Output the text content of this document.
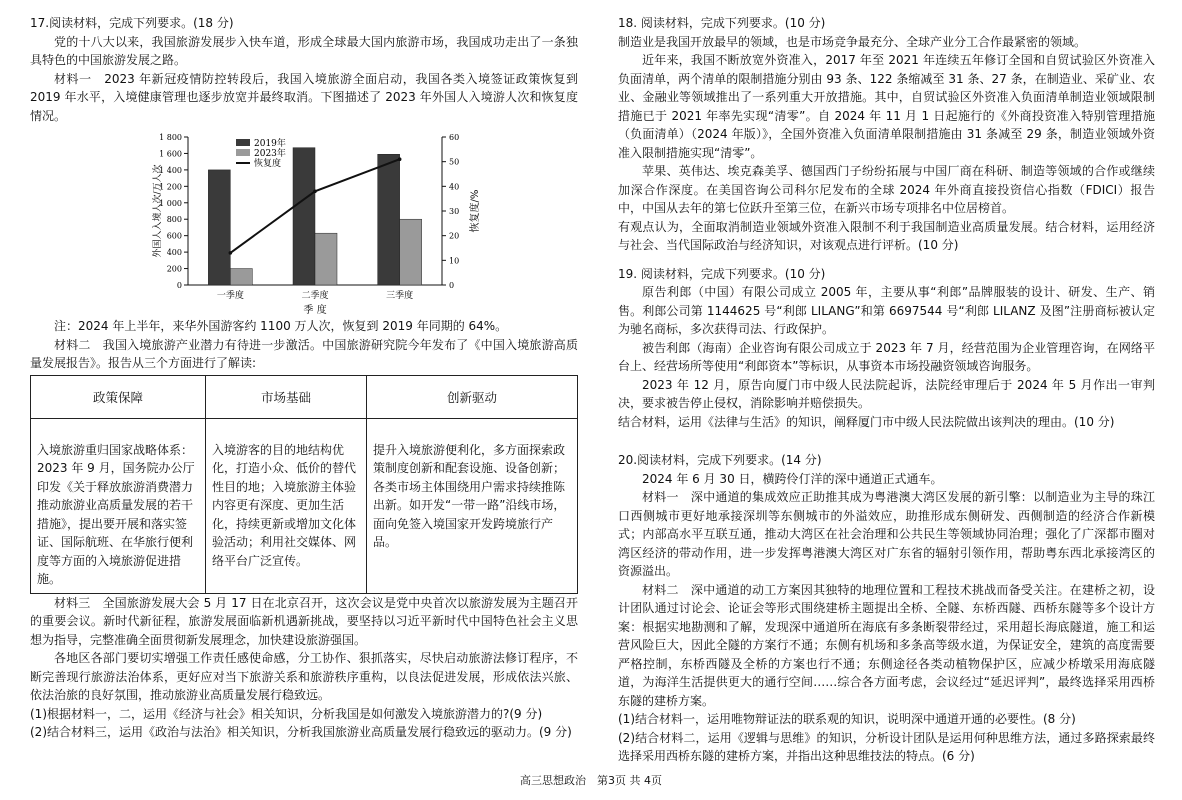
17.阅读材料，完成下列要求。(18 分)

党的十八大以来，我国旅游发展步入快车道，形成全球最大国内旅游市场，我国成功走出了一条独具特色的中国旅游发展之路。

材料一　2023 年新冠疫情防控转段后，我国入境旅游全面启动，我国各类入境签证政策恢复到 2019 年水平，入境健康管理也逐步放宽并最终取消。下图描述了 2023 年外国人入境游人次和恢复度情况。

0
200
400
600
800
1 000
1 200
1 400
1 600
1 800
0
10
20
30
40
50
60
一季度	二季度	三季度
外国人入境人次/万人次	恢复度/%
季 度
2019年
2023年
恢复度

注：2024 年上半年，来华外国游客约 1100 万人次，恢复到 2019 年同期的 64%。

材料二　我国入境旅游产业潜力有待进一步激活。中国旅游研究院今年发布了《中国入境旅游高质量发展报告》。报告从三个方面进行了解读:

政策保障	市场基础	创新驱动
入境旅游重归国家战略体系：2023 年 9 月，国务院办公厅印发《关于释放旅游消费潜力推动旅游业高质量发展的若干措施》，提出要开展和落实签证、国际航班、在华旅行便利度等方面的入境旅游促进措施。	入境游客的目的地结构优化，打造小众、低价的替代性目的地；入境旅游主体验内容更有深度、更加生活化，持续更新或增加文化体验活动；利用社交媒体、网络平台广泛宣传。	提升入境旅游便利化，多方面探索政策制度创新和配套设施、设备创新；各类市场主体围绕用户需求持续推陈出新。如开发“一带一路”沿线市场，面向免签入境国家开发跨境旅行产品。

材料三　全国旅游发展大会 5 月 17 日在北京召开，这次会议是党中央首次以旅游发展为主题召开的重要会议。新时代新征程，旅游发展面临新机遇新挑战，要坚持以习近平新时代中国特色社会主义思想为指导，完整准确全面贯彻新发展理念，加快建设旅游强国。

各地区各部门要切实增强工作责任感使命感，分工协作、狠抓落实，尽快启动旅游法修订程序，不断完善现行旅游法治体系，更好应对当下旅游关系和旅游秩序重构，以良法促进发展，形成依法兴旅、依法治旅的良好氛围，推动旅游业高质量发展行稳致远。

(1)根据材料一，二，运用《经济与社会》相关知识，分析我国是如何激发入境旅游潜力的?(9 分)

(2)结合材料三，运用《政治与法治》相关知识，分析我国旅游业高质量发展行稳致远的驱动力。(9 分)

18. 阅读材料，完成下列要求。(10 分)

制造业是我国开放最早的领域，也是市场竞争最充分、全球产业分工合作最紧密的领域。

近年来，我国不断放宽外资准入，2017 年至 2021 年连续五年修订全国和自贸试验区外资准入负面清单，两个清单的限制措施分别由 93 条、122 条缩减至 31 条、27 条，在制造业、采矿业、农业、金融业等领域推出了一系列重大开放措施。其中，自贸试验区外资准入负面清单制造业领域限制措施已于 2021 年率先实现“清零”。自 2024 年 11 月 1 日起施行的《外商投资准入特别管理措施（负面清单）（2024 年版）》，全国外资准入负面清单限制措施由 31 条减至 29 条，制造业领域外资准入限制措施实现“清零”。

苹果、英伟达、埃克森美孚、德国西门子纷纷拓展与中国厂商在科研、制造等领域的合作或继续加深合作深度。在美国咨询公司科尔尼发布的全球 2024 年外商直接投资信心指数（FDICI）报告中，中国从去年的第七位跃升至第三位，在新兴市场专项排名中位居榜首。

有观点认为，全面取消制造业领域外资准入限制不利于我国制造业高质量发展。结合材料，运用经济与社会、当代国际政治与经济知识，对该观点进行评析。(10 分)

19. 阅读材料，完成下列要求。(10 分)

原告利郎（中国）有限公司成立 2005 年，主要从事“利郎”品牌服装的设计、研发、生产、销售。利郎公司第 1144625 号“利郎 LILANG”和第 6697544 号“利郎 LILANZ 及图”注册商标被认定为驰名商标，多次获得司法、行政保护。

被告利郎（海南）企业咨询有限公司成立于 2023 年 7 月，经营范围为企业管理咨询，在网络平台上、经营场所等使用“利郎资本”等标识，从事资本市场投融资领域咨询服务。

2023 年 12 月，原告向厦门市中级人民法院起诉，法院经审理后于 2024 年 5 月作出一审判决，要求被告停止侵权，消除影响并赔偿损失。

结合材料，运用《法律与生活》的知识，阐释厦门市中级人民法院做出该判决的理由。(10 分)

20.阅读材料，完成下列要求。(14 分)

2024 年 6 月 30 日，横跨伶仃洋的深中通道正式通车。

材料一　深中通道的集成效应正助推其成为粤港澳大湾区发展的新引擎：以制造业为主导的珠江口西侧城市更好地承接深圳等东侧城市的外溢效应，助推形成东侧研发、西侧制造的经济合作新模式；内部高水平互联互通，推动大湾区在社会治理和公共民生等领域协同治理；强化了广深都市圈对湾区经济的带动作用，进一步发挥粤港澳大湾区对广东省的辐射引领作用，帮助粤东西北承接湾区的资源溢出。

材料二　深中通道的动工方案因其独特的地理位置和工程技术挑战而备受关注。在建桥之初，设计团队通过讨论会、论证会等形式围绕建桥主题提出全桥、全隧、东桥西隧、西桥东隧等多个设计方案：根据实地勘测和了解，发现深中通道所在海底有多条断裂带经过，采用超长海底隧道，施工和运营风险巨大，因此全隧的方案行不通；东侧有机场和多条高等级水道，为保证安全，建筑的高度需要严格控制，东桥西隧及全桥的方案也行不通；东侧途径各类动植物保护区，应减少桥墩采用海底隧道，为海洋生活提供更大的通行空间……综合各方面考虑，会议经过“延迟评判”，最终选择采用西桥东隧的建桥方案。

(1)结合材料一，运用唯物辩证法的联系观的知识，说明深中通道开通的必要性。(8 分)

(2)结合材料二，运用《逻辑与思维》的知识，分析设计团队是运用何种思维方法，通过多路探索最终选择采用西桥东隧的建桥方案，并指出这种思维技法的特点。(6 分)

高三思想政治　第3页 共 4页
